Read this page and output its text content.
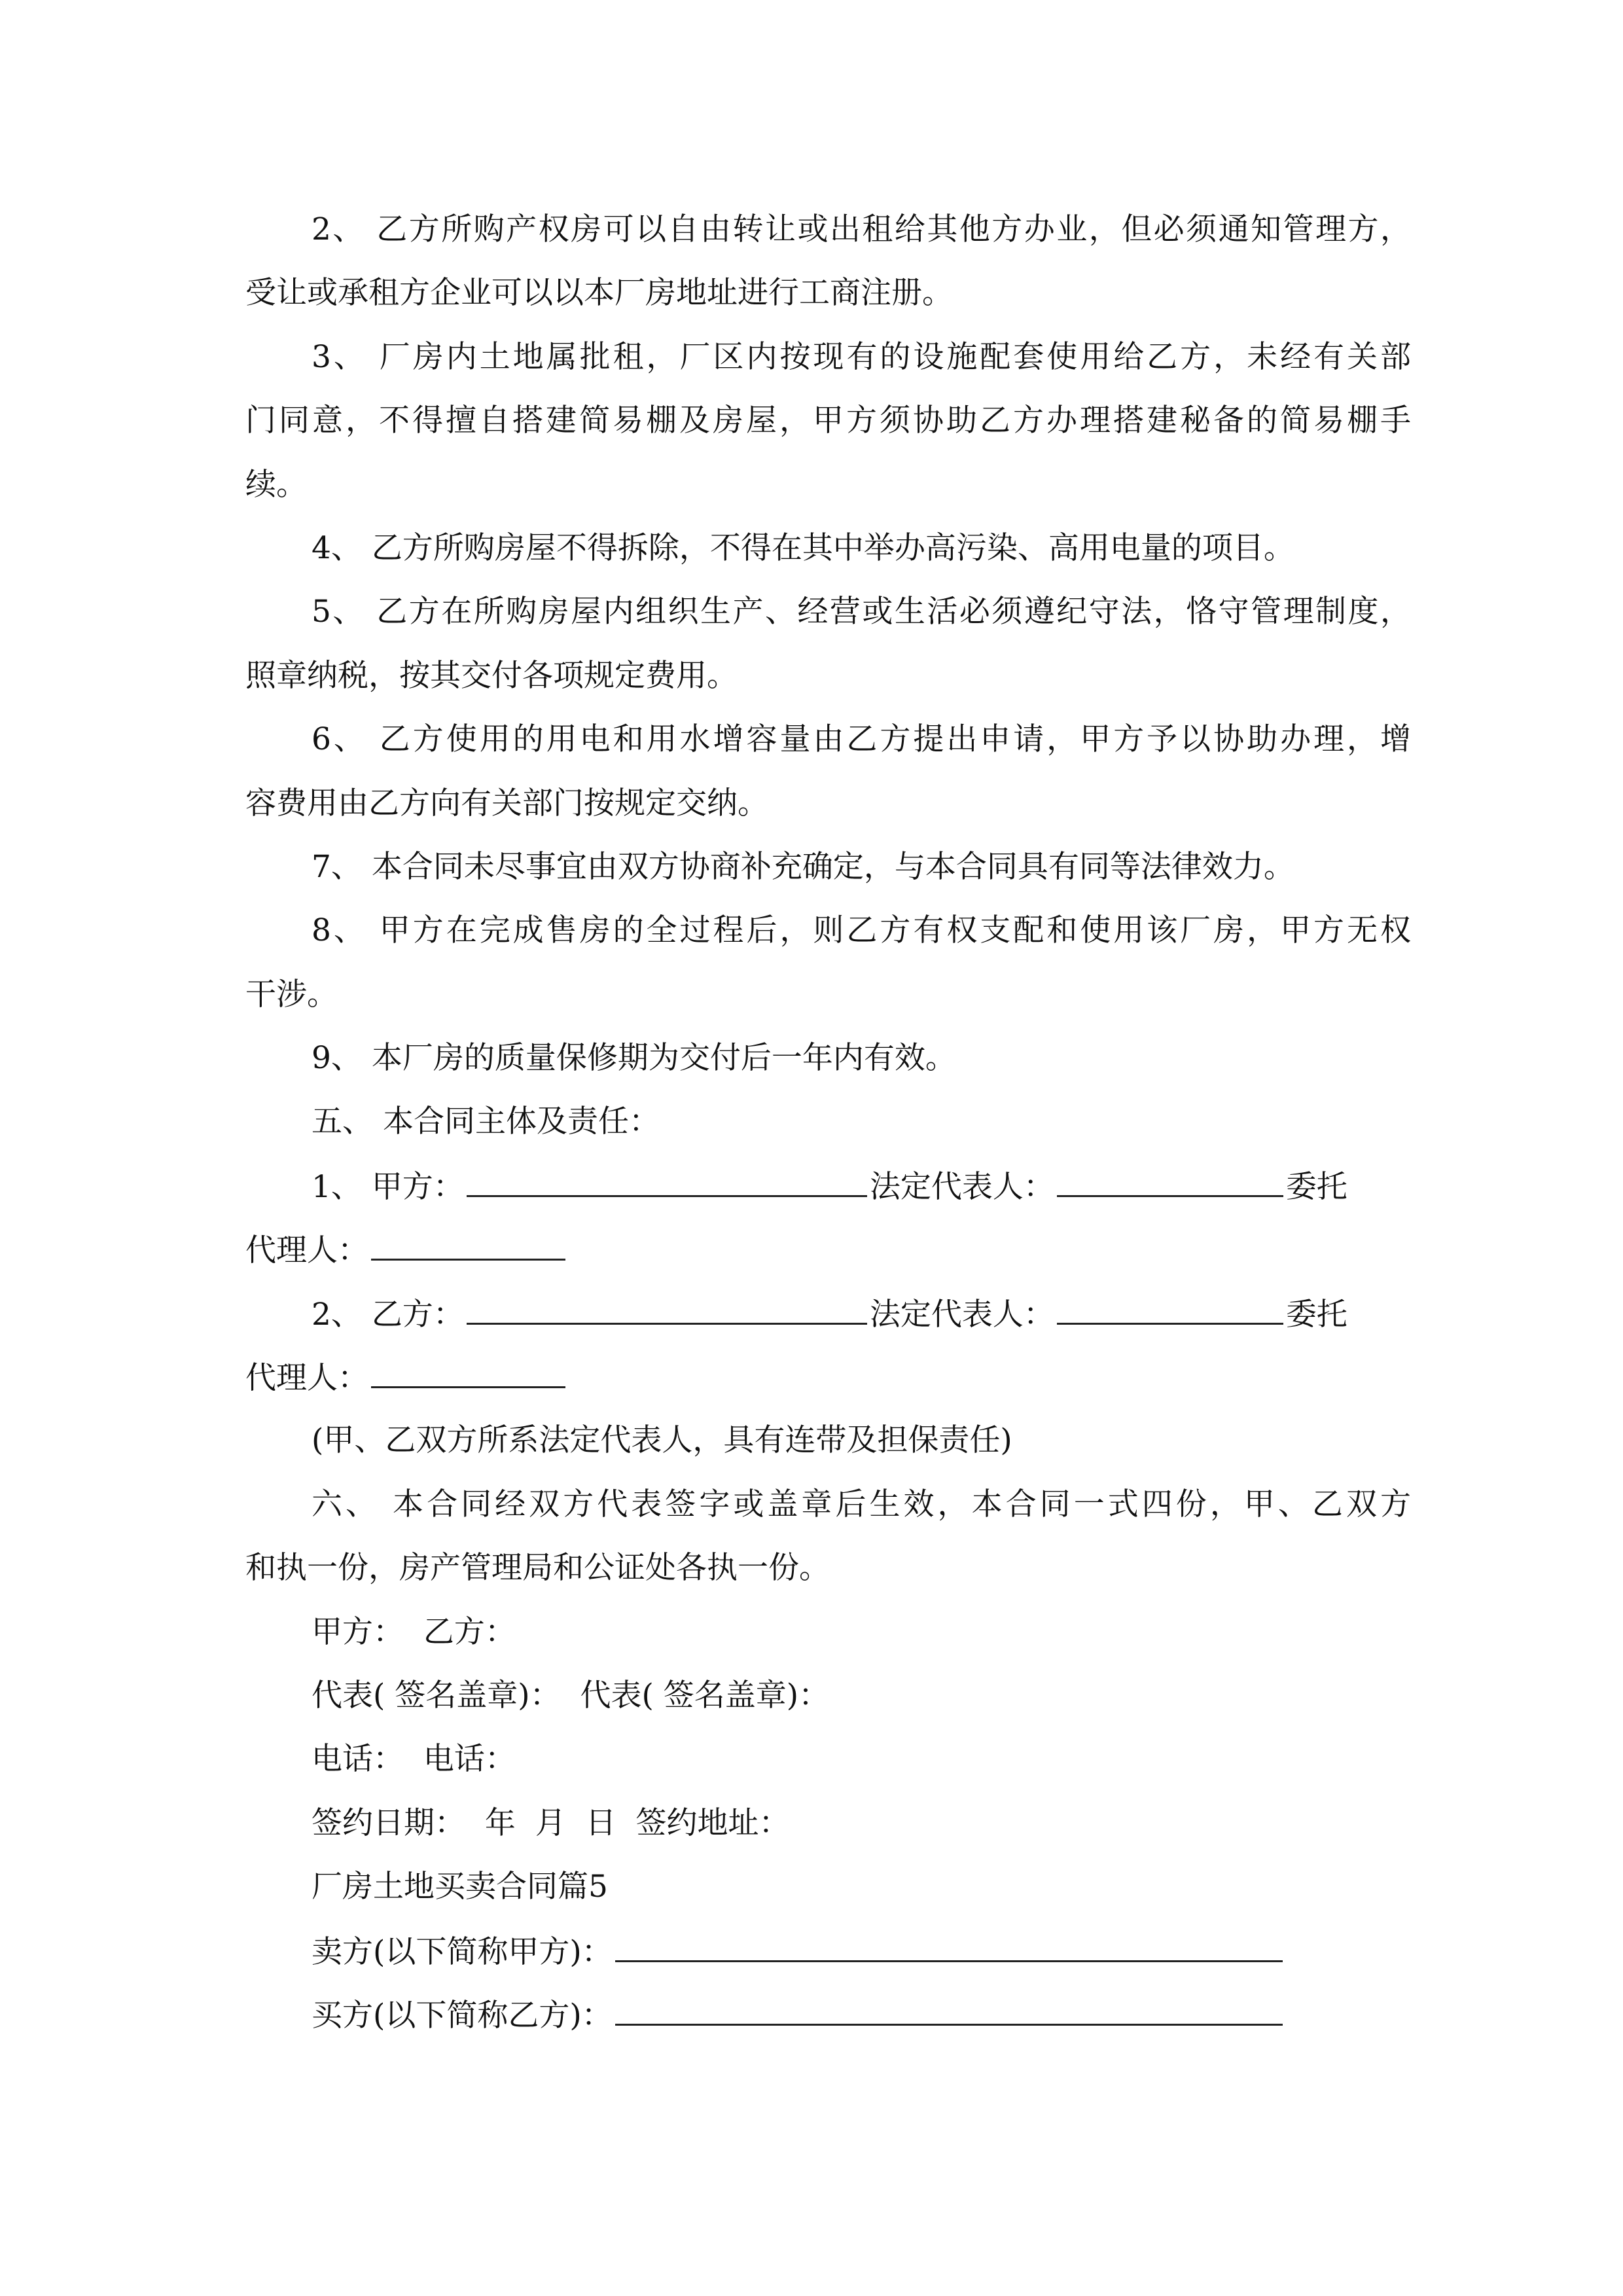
2、 乙方所购产权房可以自由转让或出租给其他方办业，但必须通知管理方，
受让或承租方企业可以以本厂房地址进行工商注册。
3、 厂房内土地属批租，厂区内按现有的设施配套使用给乙方，未经有关部
门同意，不得擅自搭建简易棚及房屋，甲方须协助乙方办理搭建秘备的简易棚手
续。
4、 乙方所购房屋不得拆除，不得在其中举办高污染、高用电量的项目。
5、 乙方在所购房屋内组织生产、经营或生活必须遵纪守法，恪守管理制度，
照章纳税，按其交付各项规定费用。
6、 乙方使用的用电和用水增容量由乙方提出申请，甲方予以协助办理，增
容费用由乙方向有关部门按规定交纳。
7、 本合同未尽事宜由双方协商补充确定，与本合同具有同等法律效力。
8、 甲方在完成售房的全过程后，则乙方有权支配和使用该厂房，甲方无权
干涉。
9、 本厂房的质量保修期为交付后一年内有效。
五、 本合同主体及责任：
1、 甲方：	法定代表人：	委托
代理人：
2、 乙方：	法定代表人：	委托
代理人：
(甲、乙双方所系法定代表人，具有连带及担保责任)
六、 本合同经双方代表签字或盖章后生效，本合同一式四份，甲、乙双方
和执一份，房产管理局和公证处各执一份。
甲方：  乙方：
代表( 签名盖章)：  代表( 签名盖章)：
电话：  电话：
签约日期：  年  月  日  签约地址：
厂房土地买卖合同篇5
卖方(以下简称甲方)：
买方(以下简称乙方)：
